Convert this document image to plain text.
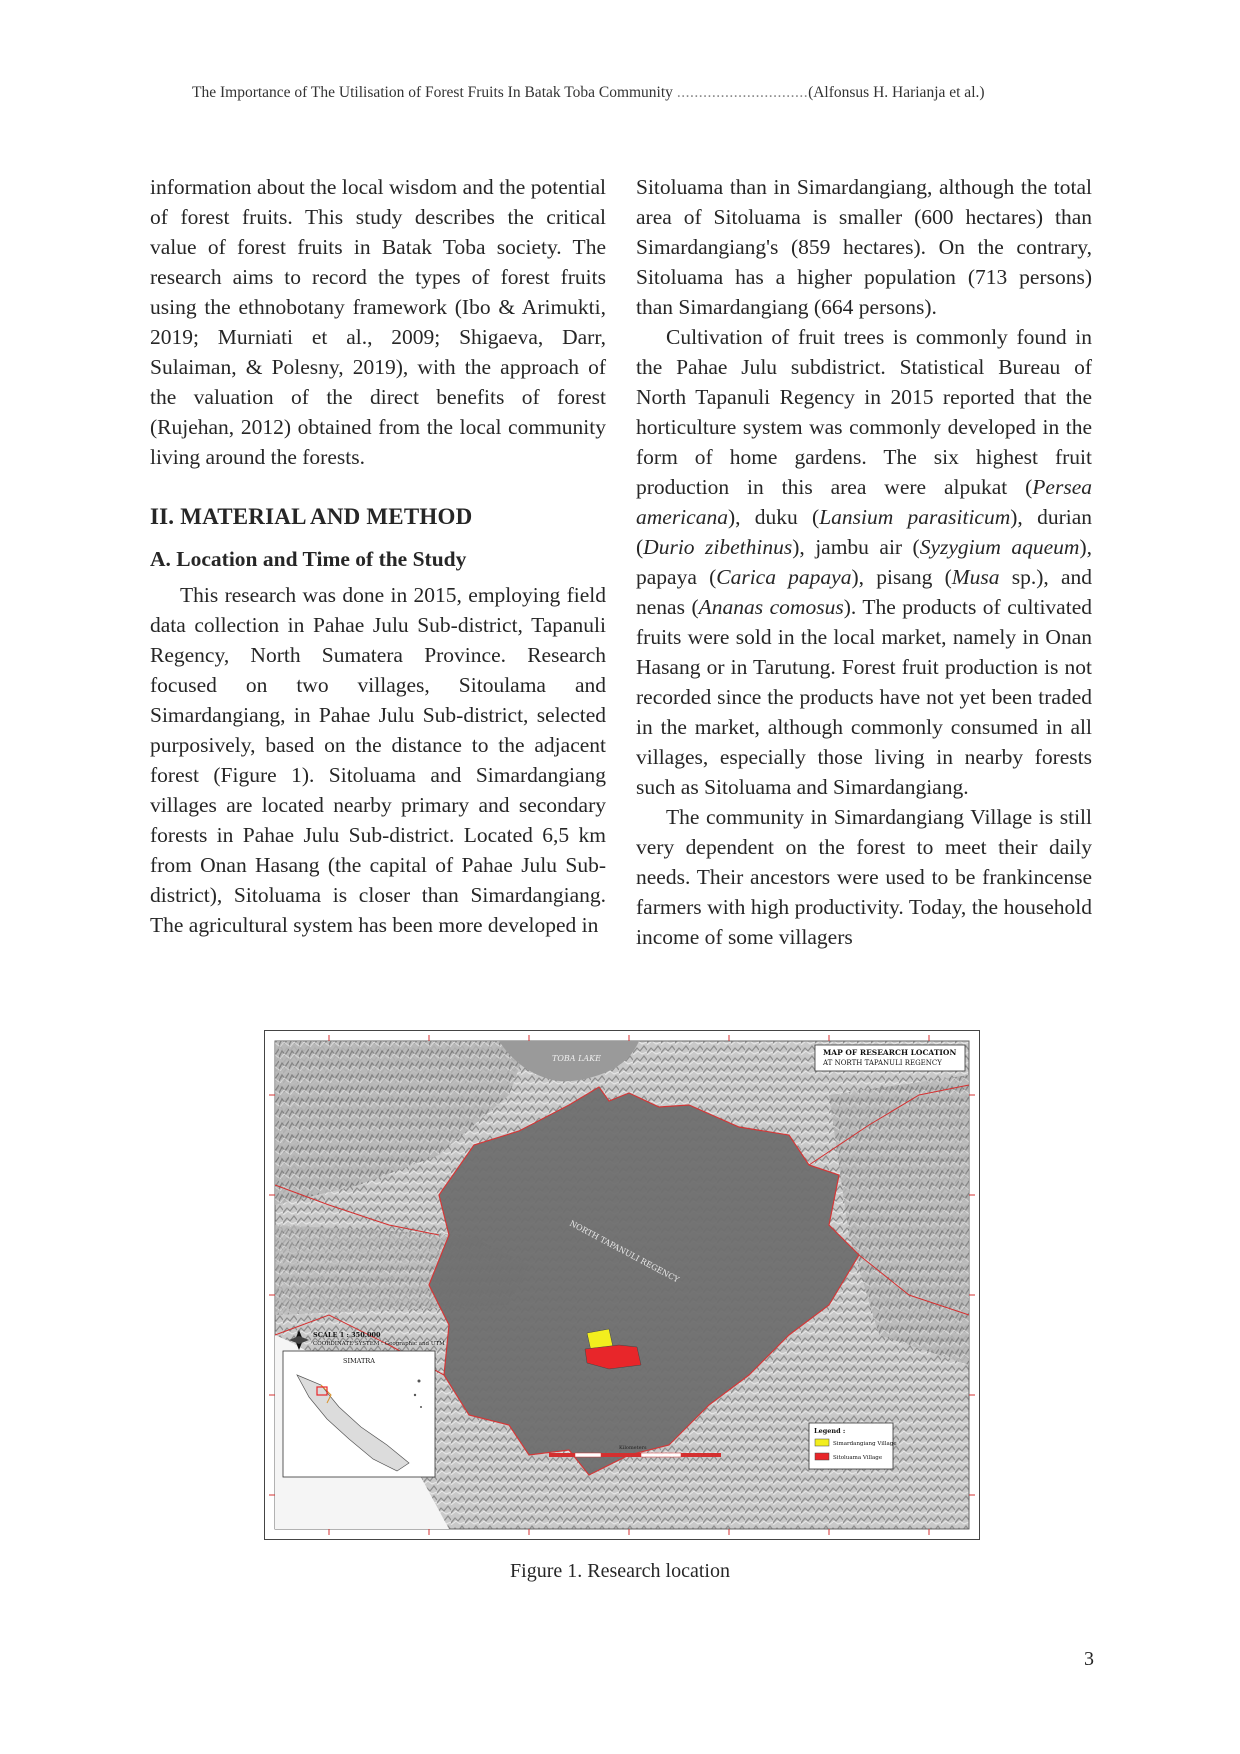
The Importance of The Utilisation of Forest Fruits In Batak Toba Community ..............................(Alfonsus H. Harianja et al.)

information about the local wisdom and the potential of forest fruits. This study describes the critical value of forest fruits in Batak Toba society. The research aims to record the types of forest fruits using the ethnobotany framework (Ibo & Arimukti, 2019; Murniati et al., 2009; Shigaeva, Darr, Sulaiman, & Polesny, 2019), with the approach of the valuation of the direct benefits of forest (Rujehan, 2012) obtained from the local community living around the forests.

II. MATERIAL AND METHOD
A. Location and Time of the Study

This research was done in 2015, employing field data collection in Pahae Julu Sub-district, Tapanuli Regency, North Sumatera Province. Research focused on two villages, Sitoulama and Simardangiang, in Pahae Julu Sub-district, selected purposively, based on the distance to the adjacent forest (Figure 1). Sitoluama and Simardangiang villages are located nearby primary and secondary forests in Pahae Julu Sub-district. Located 6,5 km from Onan Hasang (the capital of Pahae Julu Sub-district), Sitoluama is closer than Simardangiang. The agricultural system has been more developed in

Sitoluama than in Simardangiang, although the total area of Sitoluama is smaller (600 hectares) than Simardangiang's (859 hectares). On the contrary, Sitoluama has a higher population (713 persons) than Simardangiang (664 persons).

Cultivation of fruit trees is commonly found in the Pahae Julu subdistrict. Statistical Bureau of North Tapanuli Regency in 2015 reported that the horticulture system was commonly developed in the form of home gardens. The six highest fruit production in this area were alpukat (Persea americana), duku (Lansium parasiticum), durian (Durio zibethinus), jambu air (Syzygium aqueum), papaya (Carica papaya), pisang (Musa sp.), and nenas (Ananas comosus). The products of cultivated fruits were sold in the local market, namely in Onan Hasang or in Tarutung. Forest fruit production is not recorded since the products have not yet been traded in the market, although commonly consumed in all villages, especially those living in nearby forests such as Sitoluama and Simardangiang.

The community in Simardangiang Village is still very dependent on the forest to meet their daily needs. Their ancestors were used to be frankincense farmers with high productivity. Today, the household income of some villagers

TOBA LAKE
NORTH TAPANULI REGENCY
MAP OF RESEARCH LOCATION
AT NORTH TAPANULI REGENCY
SCALE 1 : 350.000
COORDINATE SYSTEM : Geographic and UTM
SIMATRA
Legend :
Simardangiang Village
Sitoluama Village
Kilometers
Figure 1. Research location
3
